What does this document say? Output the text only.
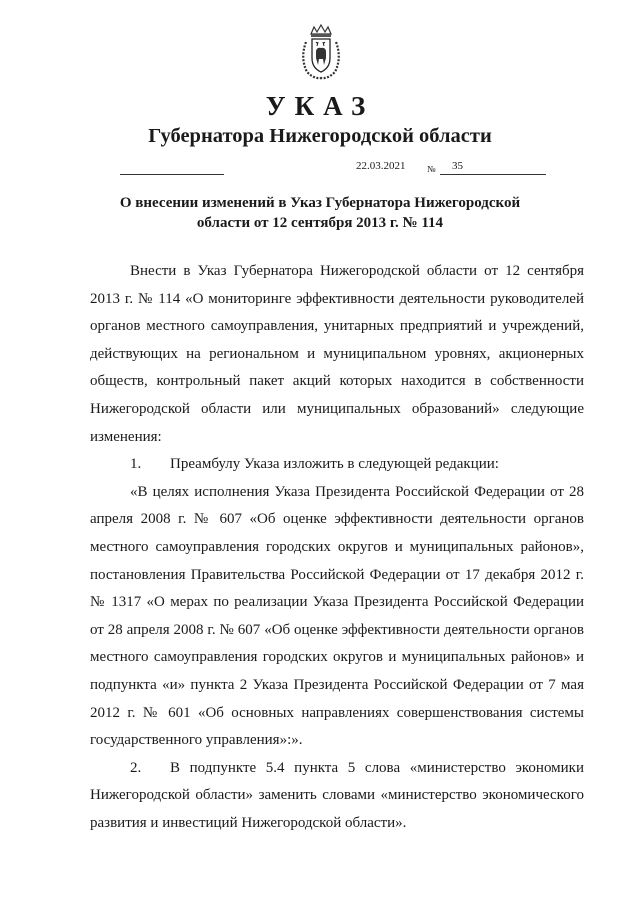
УКАЗ
Губернатора Нижегородской области
22.03.2021 № 35
О внесении изменений в Указ Губернатора Нижегородской
области от 12 сентября 2013 г. № 114

Внести в Указ Губернатора Нижегородской области от 12 сентября 2013 г. № 114 «О мониторинге эффективности деятельности руководителей органов местного самоуправления, унитарных предприятий и учреждений, действующих на региональном и муниципальном уровнях, акционерных обществ, контрольный пакет акций которых находится в собственности Нижегородской области или муниципальных образований» следующие изменения:

1. Преамбулу Указа изложить в следующей редакции:

«В целях исполнения Указа Президента Российской Федерации от 28 апреля 2008 г. № 607 «Об оценке эффективности деятельности органов местного самоуправления городских округов и муниципальных районов», постановления Правительства Российской Федерации от 17 декабря 2012 г. № 1317 «О мерах по реализации Указа Президента Российской Федерации от 28 апреля 2008 г. № 607 «Об оценке эффективности деятельности органов местного самоуправления городских округов и муниципальных районов» и подпункта «и» пункта 2 Указа Президента Российской Федерации от 7 мая 2012 г. № 601 «Об основных направлениях совершенствования системы государственного управления»:».

2. В подпункте 5.4 пункта 5 слова «министерство экономики Нижегородской области» заменить словами «министерство экономического развития и инвестиций Нижегородской области».
